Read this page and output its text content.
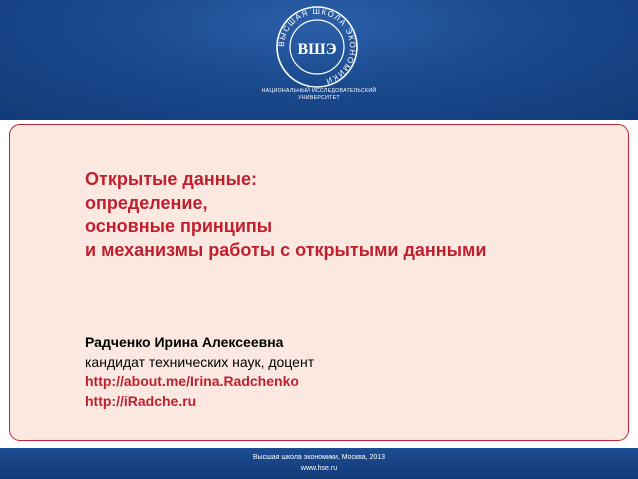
ВЫСШАЯ ШКОЛА ЭКОНОМИКИ
ВШЭ
НАЦИОНАЛЬНЫЙ ИССЛЕДОВАТЕЛЬСКИЙ
УНИВЕРСИТЕТ
Открытые данные:
определение,
основные принципы
и механизмы работы с открытыми данными
Радченко Ирина Алексеевна
кандидат технических наук, доцент
http://about.me/Irina.Radchenko
http://iRadche.ru
Высшая школа экономики, Москва, 2013
www.hse.ru
